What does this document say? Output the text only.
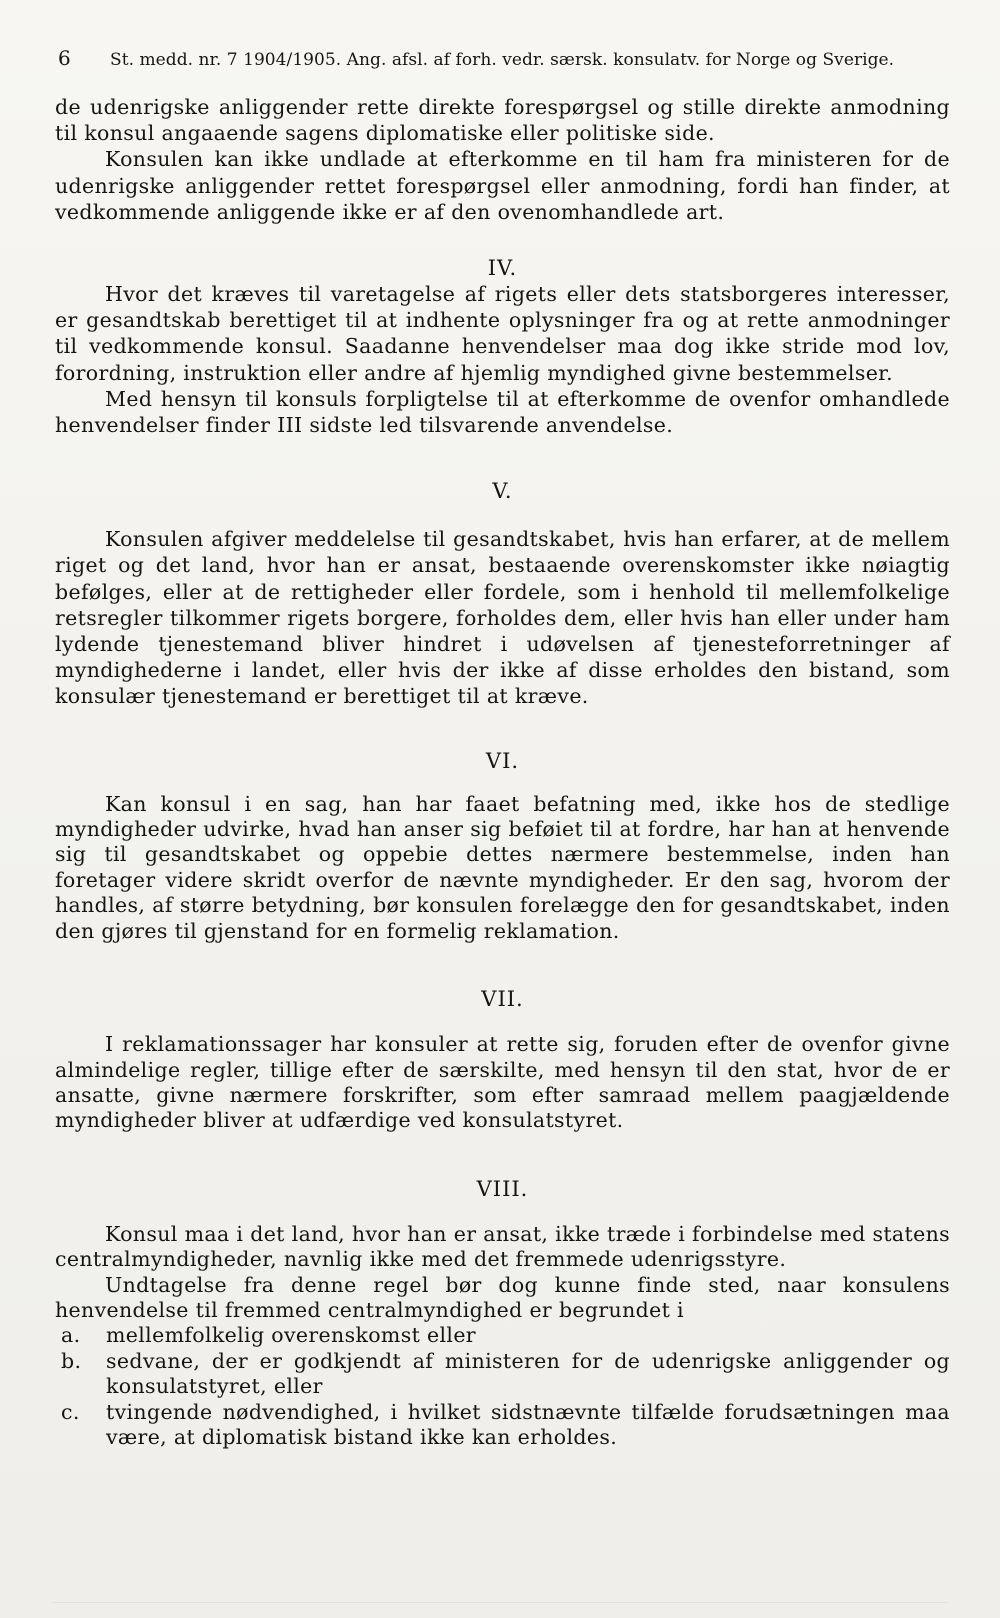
6 St. medd. nr. 7 1904/1905. Ang. afsl. af forh. vedr. særsk. konsulatv. for Norge og Sverige.

de udenrigske anliggender rette direkte forespørgsel og stille direkte anmodning til konsul angaaende sagens diplomatiske eller politiske side.

Konsulen kan ikke undlade at efterkomme en til ham fra ministeren for de udenrigske anliggender rettet forespørgsel eller anmodning, fordi han finder, at vedkommende anliggende ikke er af den ovenomhandlede art.

IV.

Hvor det kræves til varetagelse af rigets eller dets statsborgeres interesser, er gesandtskab berettiget til at indhente oplysninger fra og at rette anmodninger til vedkommende konsul. Saadanne henvendelser maa dog ikke stride mod lov, forordning, instruktion eller andre af hjemlig myndighed givne bestemmelser.

Med hensyn til konsuls forpligtelse til at efterkomme de ovenfor omhandlede henvendelser finder III sidste led tilsvarende anvendelse.

V.

Konsulen afgiver meddelelse til gesandtskabet, hvis han erfarer, at de mellem riget og det land, hvor han er ansat, bestaaende overenskomster ikke nøiagtig befølges, eller at de rettigheder eller fordele, som i henhold til mellemfolkelige retsregler tilkommer rigets borgere, forholdes dem, eller hvis han eller under ham lydende tjenestemand bliver hindret i udøvelsen af tjenesteforretninger af myndighederne i landet, eller hvis der ikke af disse erholdes den bistand, som konsulær tjenestemand er berettiget til at kræve.

VI.

Kan konsul i en sag, han har faaet befatning med, ikke hos de stedlige myndigheder udvirke, hvad han anser sig beføiet til at fordre, har han at henvende sig til gesandtskabet og oppebie dettes nærmere bestemmelse, inden han foretager videre skridt overfor de nævnte myndigheder. Er den sag, hvorom der handles, af større betydning, bør konsulen forelægge den for gesandtskabet, inden den gjøres til gjenstand for en formelig reklamation.

VII.

I reklamationssager har konsuler at rette sig, foruden efter de ovenfor givne almindelige regler, tillige efter de særskilte, med hensyn til den stat, hvor de er ansatte, givne nærmere forskrifter, som efter samraad mellem paagjældende myndigheder bliver at udfærdige ved konsulatstyret.

VIII.

Konsul maa i det land, hvor han er ansat, ikke træde i forbindelse med statens centralmyndigheder, navnlig ikke med det fremmede udenrigsstyre.

Undtagelse fra denne regel bør dog kunne finde sted, naar konsulens henvendelse til fremmed centralmyndighed er begrundet i

a.	mellemfolkelig overenskomst eller
b.	sedvane, der er godkjendt af ministeren for de udenrigske anliggender og konsulatstyret, eller
c.	tvingende nødvendighed, i hvilket sidstnævnte tilfælde forudsætningen maa være, at diplomatisk bistand ikke kan erholdes.
